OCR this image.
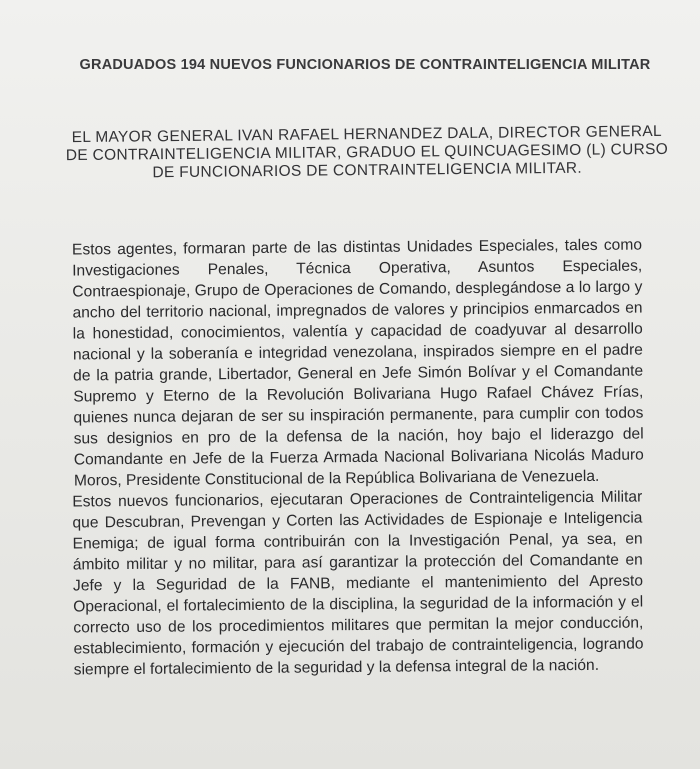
GRADUADOS 194 NUEVOS FUNCIONARIOS DE CONTRAINTELIGENCIA MILITAR

EL MAYOR GENERAL IVAN RAFAEL HERNANDEZ DALA, DIRECTOR GENERAL DE CONTRAINTELIGENCIA MILITAR, GRADUO EL QUINCUAGESIMO (L) CURSO DE FUNCIONARIOS DE CONTRAINTELIGENCIA MILITAR.

Estos agentes, formaran parte de las distintas Unidades Especiales, tales como Investigaciones Penales, Técnica Operativa, Asuntos Especiales, Contraespionaje, Grupo de Operaciones de Comando, desplegándose a lo largo y ancho del territorio nacional, impregnados de valores y principios enmarcados en la honestidad, conocimientos, valentía y capacidad de coadyuvar al desarrollo nacional y la soberanía e integridad venezolana, inspirados siempre en el padre de la patria grande, Libertador, General en Jefe Simón Bolívar y el Comandante Supremo y Eterno de la Revolución Bolivariana Hugo Rafael Chávez Frías, quienes nunca dejaran de ser su inspiración permanente, para cumplir con todos sus designios en pro de la defensa de la nación, hoy bajo el liderazgo del Comandante en Jefe de la Fuerza Armada Nacional Bolivariana Nicolás Maduro Moros, Presidente Constitucional de la República Bolivariana de Venezuela.

Estos nuevos funcionarios, ejecutaran Operaciones de Contrainteligencia Militar que Descubran, Prevengan y Corten las Actividades de Espionaje e Inteligencia Enemiga; de igual forma contribuirán con la Investigación Penal, ya sea, en ámbito militar y no militar, para así garantizar la protección del Comandante en Jefe y la Seguridad de la FANB, mediante el mantenimiento del Apresto Operacional, el fortalecimiento de la disciplina, la seguridad de la información y el correcto uso de los procedimientos militares que permitan la mejor conducción, establecimiento, formación y ejecución del trabajo de contrainteligencia, logrando siempre el fortalecimiento de la seguridad y la defensa integral de la nación.
